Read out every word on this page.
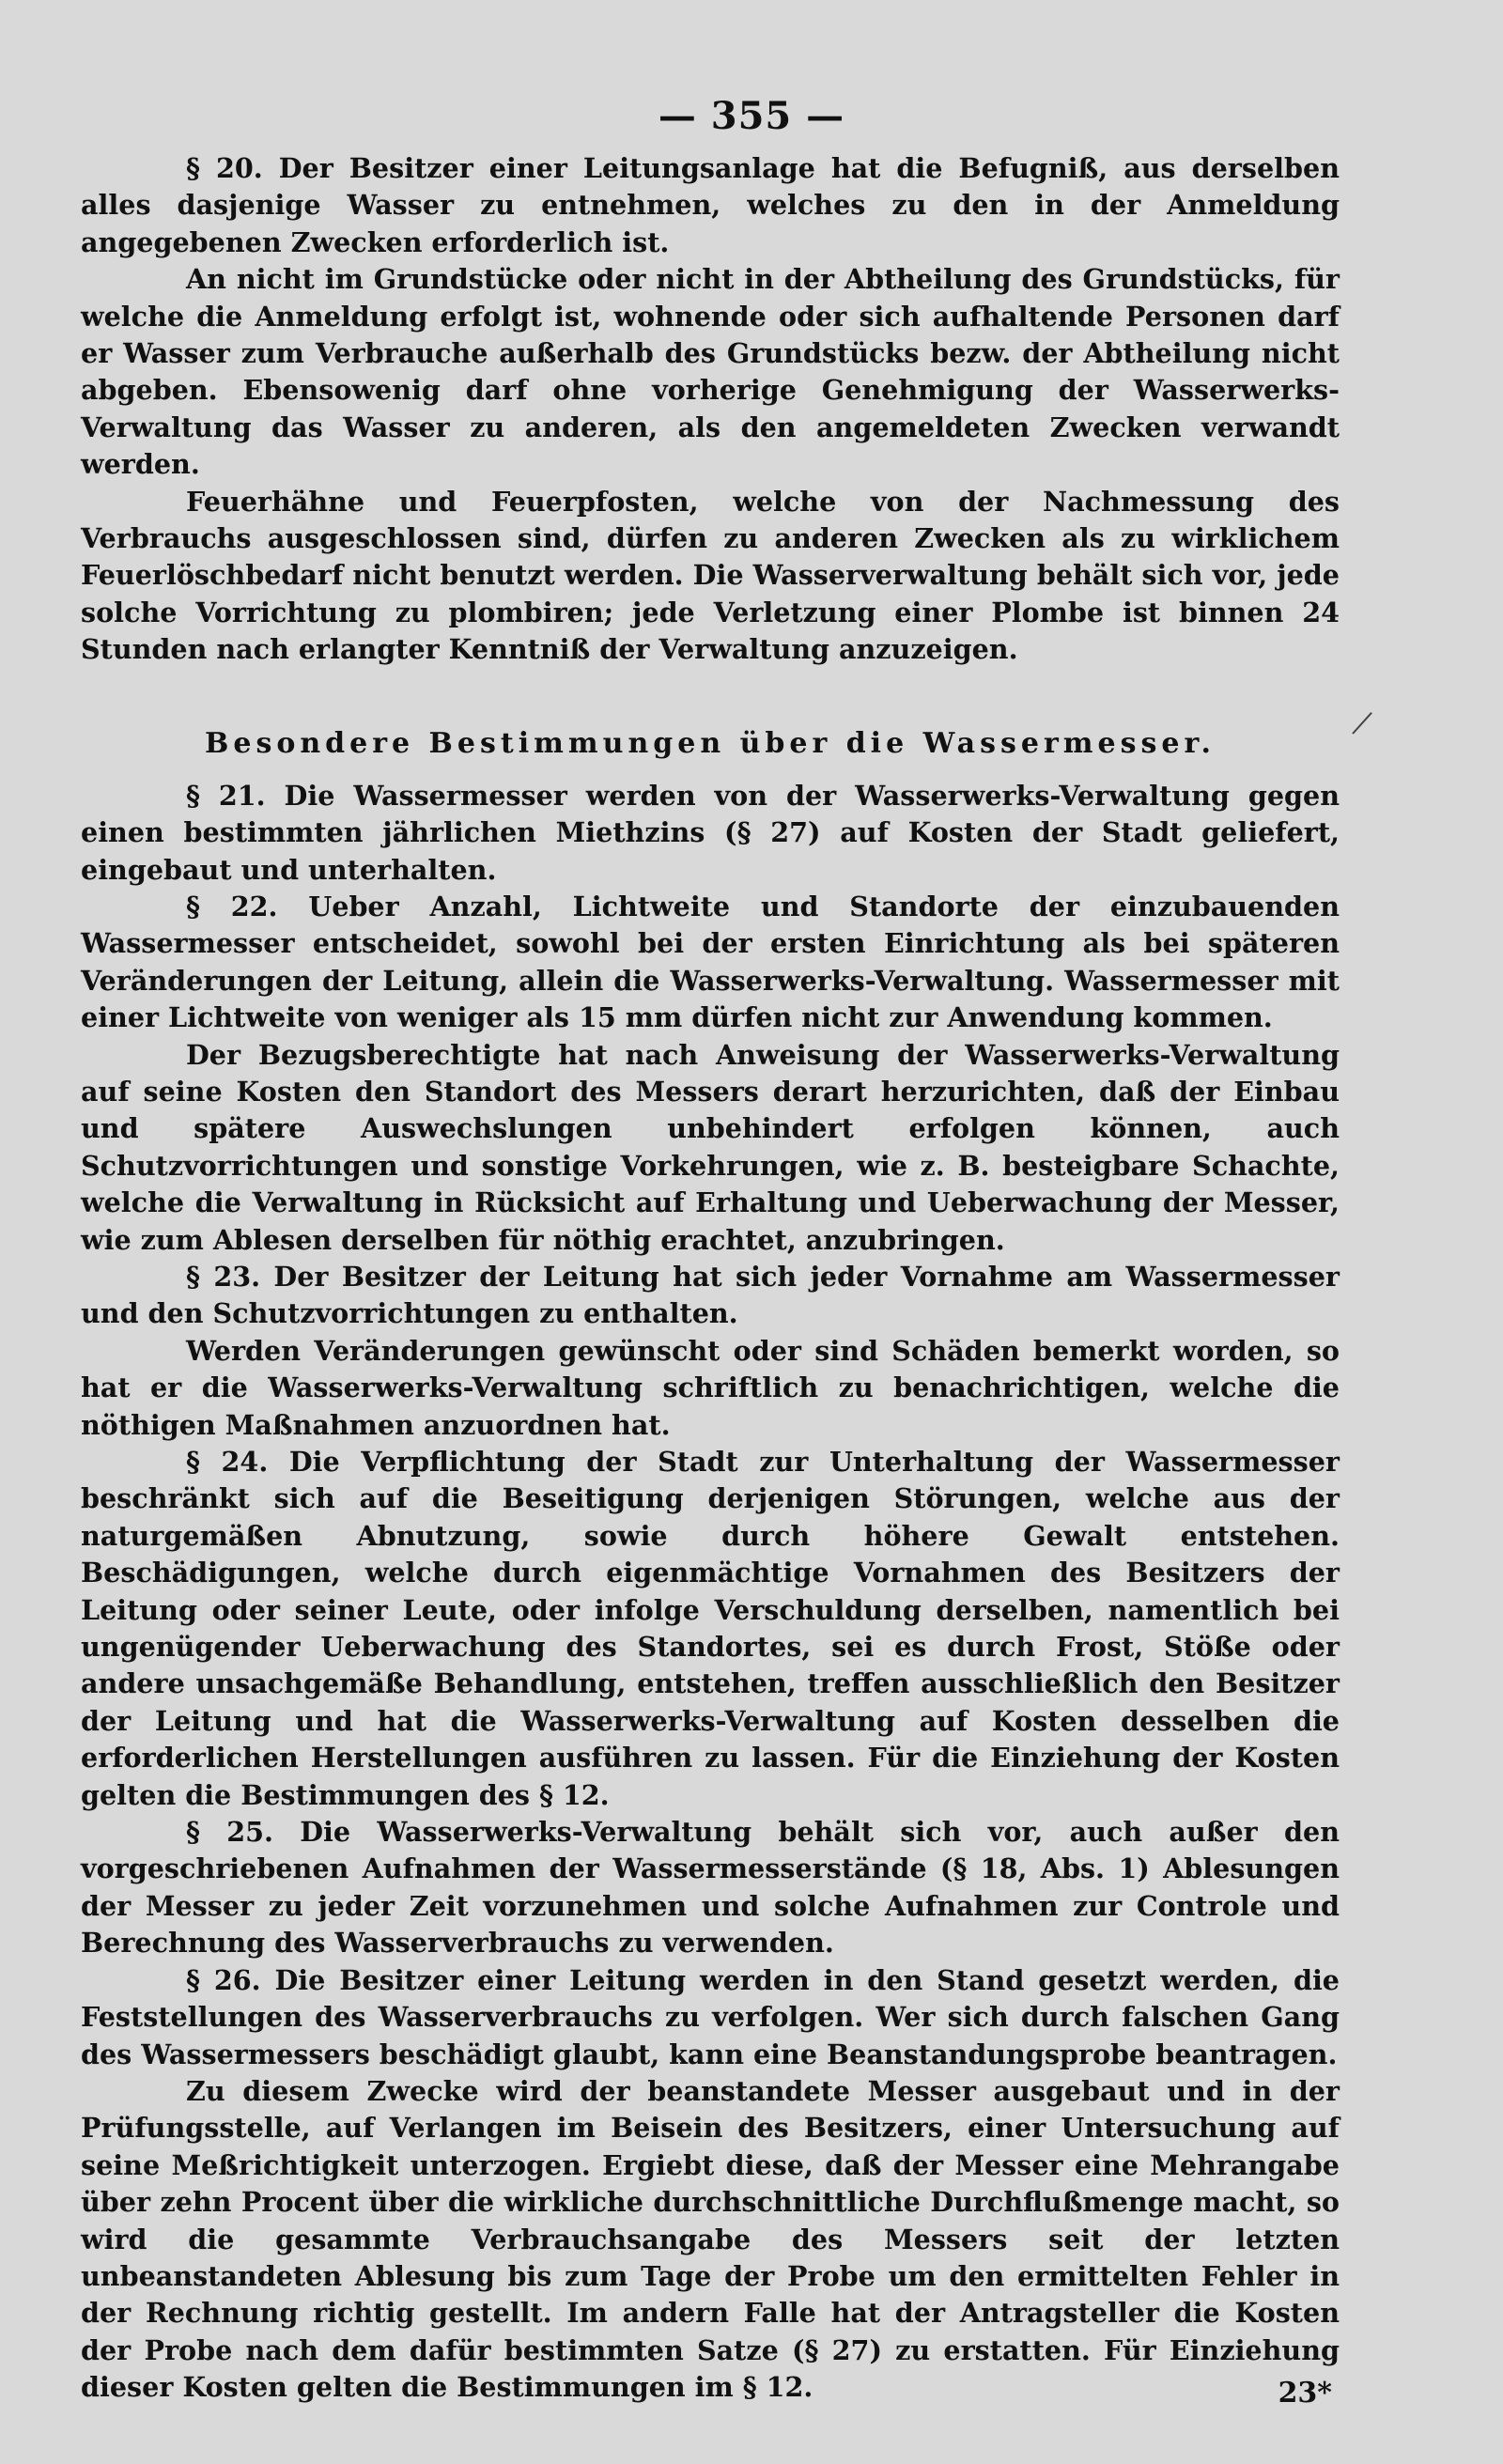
— 355 —

§ 20. Der Besitzer einer Leitungsanlage hat die Befugniß, aus derselben alles dasjenige Wasser zu entnehmen, welches zu den in der Anmeldung angegebenen Zwecken erforderlich ist.

An nicht im Grundstücke oder nicht in der Abtheilung des Grundstücks, für welche die Anmeldung erfolgt ist, wohnende oder sich aufhaltende Personen darf er Wasser zum Verbrauche außerhalb des Grundstücks bezw. der Abtheilung nicht abgeben. Ebensowenig darf ohne vorherige Genehmigung der Wasserwerks-Verwaltung das Wasser zu anderen, als den angemeldeten Zwecken verwandt werden.

Feuerhähne und Feuerpfosten, welche von der Nachmessung des Verbrauchs ausgeschlossen sind, dürfen zu anderen Zwecken als zu wirklichem Feuerlöschbedarf nicht benutzt werden. Die Wasserverwaltung behält sich vor, jede solche Vorrichtung zu plombiren; jede Verletzung einer Plombe ist binnen 24 Stunden nach erlangter Kenntniß der Verwaltung anzuzeigen.

Besondere Bestimmungen über die Wassermesser.

§ 21. Die Wassermesser werden von der Wasserwerks-Verwaltung gegen einen bestimmten jährlichen Miethzins (§ 27) auf Kosten der Stadt geliefert, eingebaut und unterhalten.

§ 22. Ueber Anzahl, Lichtweite und Standorte der einzubauenden Wassermesser entscheidet, sowohl bei der ersten Einrichtung als bei späteren Veränderungen der Leitung, allein die Wasserwerks-Verwaltung. Wassermesser mit einer Lichtweite von weniger als 15 mm dürfen nicht zur Anwendung kommen.

Der Bezugsberechtigte hat nach Anweisung der Wasserwerks-Verwaltung auf seine Kosten den Standort des Messers derart herzurichten, daß der Einbau und spätere Auswechslungen unbehindert erfolgen können, auch Schutzvorrichtungen und sonstige Vorkehrungen, wie z. B. besteigbare Schachte, welche die Verwaltung in Rücksicht auf Erhaltung und Ueberwachung der Messer, wie zum Ablesen derselben für nöthig erachtet, anzubringen.

§ 23. Der Besitzer der Leitung hat sich jeder Vornahme am Wassermesser und den Schutzvorrichtungen zu enthalten.

Werden Veränderungen gewünscht oder sind Schäden bemerkt worden, so hat er die Wasserwerks-Verwaltung schriftlich zu benachrichtigen, welche die nöthigen Maßnahmen anzuordnen hat.

§ 24. Die Verpflichtung der Stadt zur Unterhaltung der Wassermesser beschränkt sich auf die Beseitigung derjenigen Störungen, welche aus der naturgemäßen Abnutzung, sowie durch höhere Gewalt entstehen. Beschädigungen, welche durch eigenmächtige Vornahmen des Besitzers der Leitung oder seiner Leute, oder infolge Verschuldung derselben, namentlich bei ungenügender Ueberwachung des Standortes, sei es durch Frost, Stöße oder andere unsachgemäße Behandlung, entstehen, treffen ausschließlich den Besitzer der Leitung und hat die Wasserwerks-Verwaltung auf Kosten desselben die erforderlichen Herstellungen ausführen zu lassen. Für die Einziehung der Kosten gelten die Bestimmungen des § 12.

§ 25. Die Wasserwerks-Verwaltung behält sich vor, auch außer den vorgeschriebenen Aufnahmen der Wassermesserstände (§ 18, Abs. 1) Ablesungen der Messer zu jeder Zeit vorzunehmen und solche Aufnahmen zur Controle und Berechnung des Wasserverbrauchs zu verwenden.

§ 26. Die Besitzer einer Leitung werden in den Stand gesetzt werden, die Feststellungen des Wasserverbrauchs zu verfolgen. Wer sich durch falschen Gang des Wassermessers beschädigt glaubt, kann eine Beanstandungsprobe beantragen.

Zu diesem Zwecke wird der beanstandete Messer ausgebaut und in der Prüfungsstelle, auf Verlangen im Beisein des Besitzers, einer Untersuchung auf seine Meßrichtigkeit unterzogen. Ergiebt diese, daß der Messer eine Mehrangabe über zehn Procent über die wirkliche durchschnittliche Durchflußmenge macht, so wird die gesammte Verbrauchsangabe des Messers seit der letzten unbeanstandeten Ablesung bis zum Tage der Probe um den ermittelten Fehler in der Rechnung richtig gestellt. Im andern Falle hat der Antragsteller die Kosten der Probe nach dem dafür bestimmten Satze (§ 27) zu erstatten. Für Einziehung dieser Kosten gelten die Bestimmungen im § 12.	23*
